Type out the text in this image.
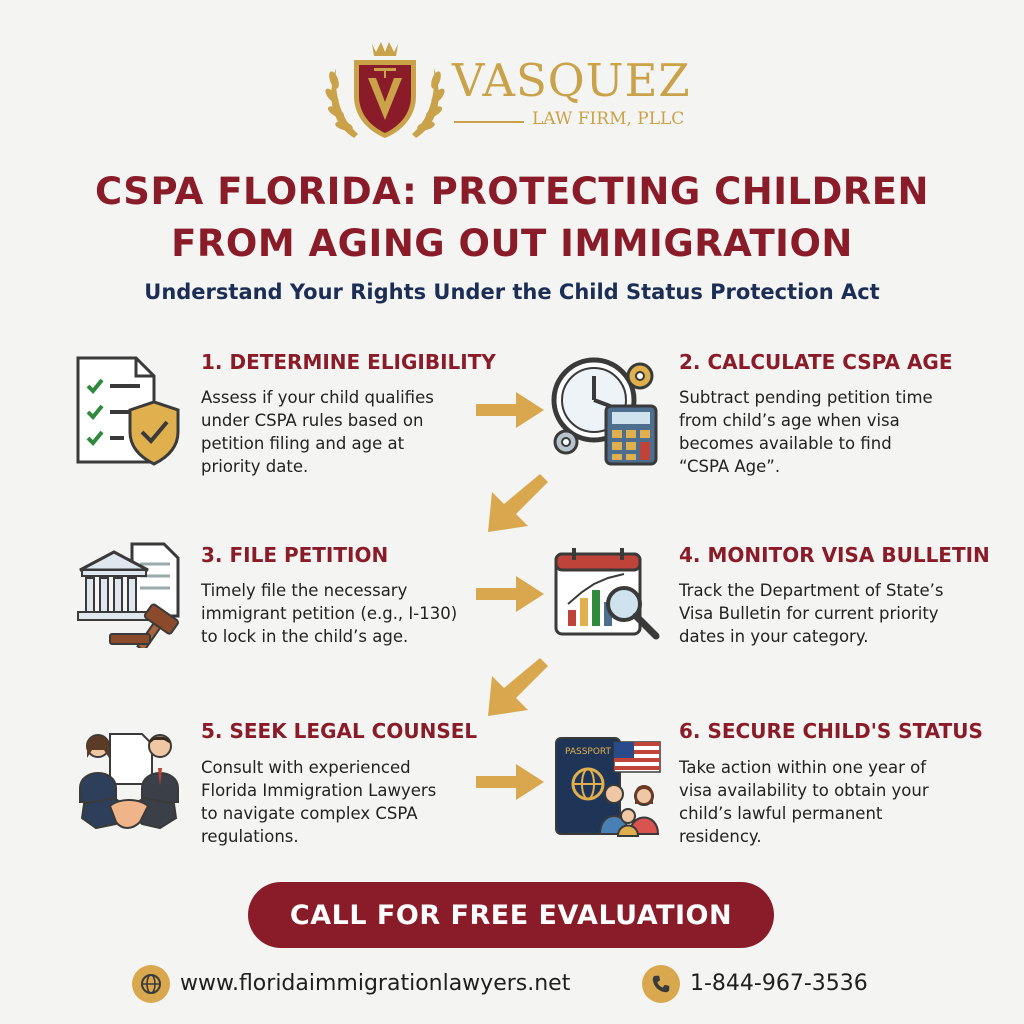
VASQUEZ
LAW FIRM, PLLC
CSPA FLORIDA: PROTECTING CHILDREN
FROM AGING OUT IMMIGRATION
Understand Your Rights Under the Child Status Protection Act
1. DETERMINE ELIGIBILITY
Assess if your child qualifies
under CSPA rules based on
petition filing and age at
priority date.
2. CALCULATE CSPA AGE
Subtract pending petition time
from child’s age when visa
becomes available to find
“CSPA Age”.
3. FILE PETITION
Timely file the necessary
immigrant petition (e.g., I-130)
to lock in the child’s age.
4. MONITOR VISA BULLETIN
Track the Department of State’s
Visa Bulletin for current priority
dates in your category.
5. SEEK LEGAL COUNSEL
Consult with experienced
Florida Immigration Lawyers
to navigate complex CSPA
regulations.
PASSPORT
6. SECURE CHILD'S STATUS
Take action within one year of
visa availability to obtain your
child’s lawful permanent
residency.
CALL FOR FREE EVALUATION
www.floridaimmigrationlawyers.net	1-844-967-3536
